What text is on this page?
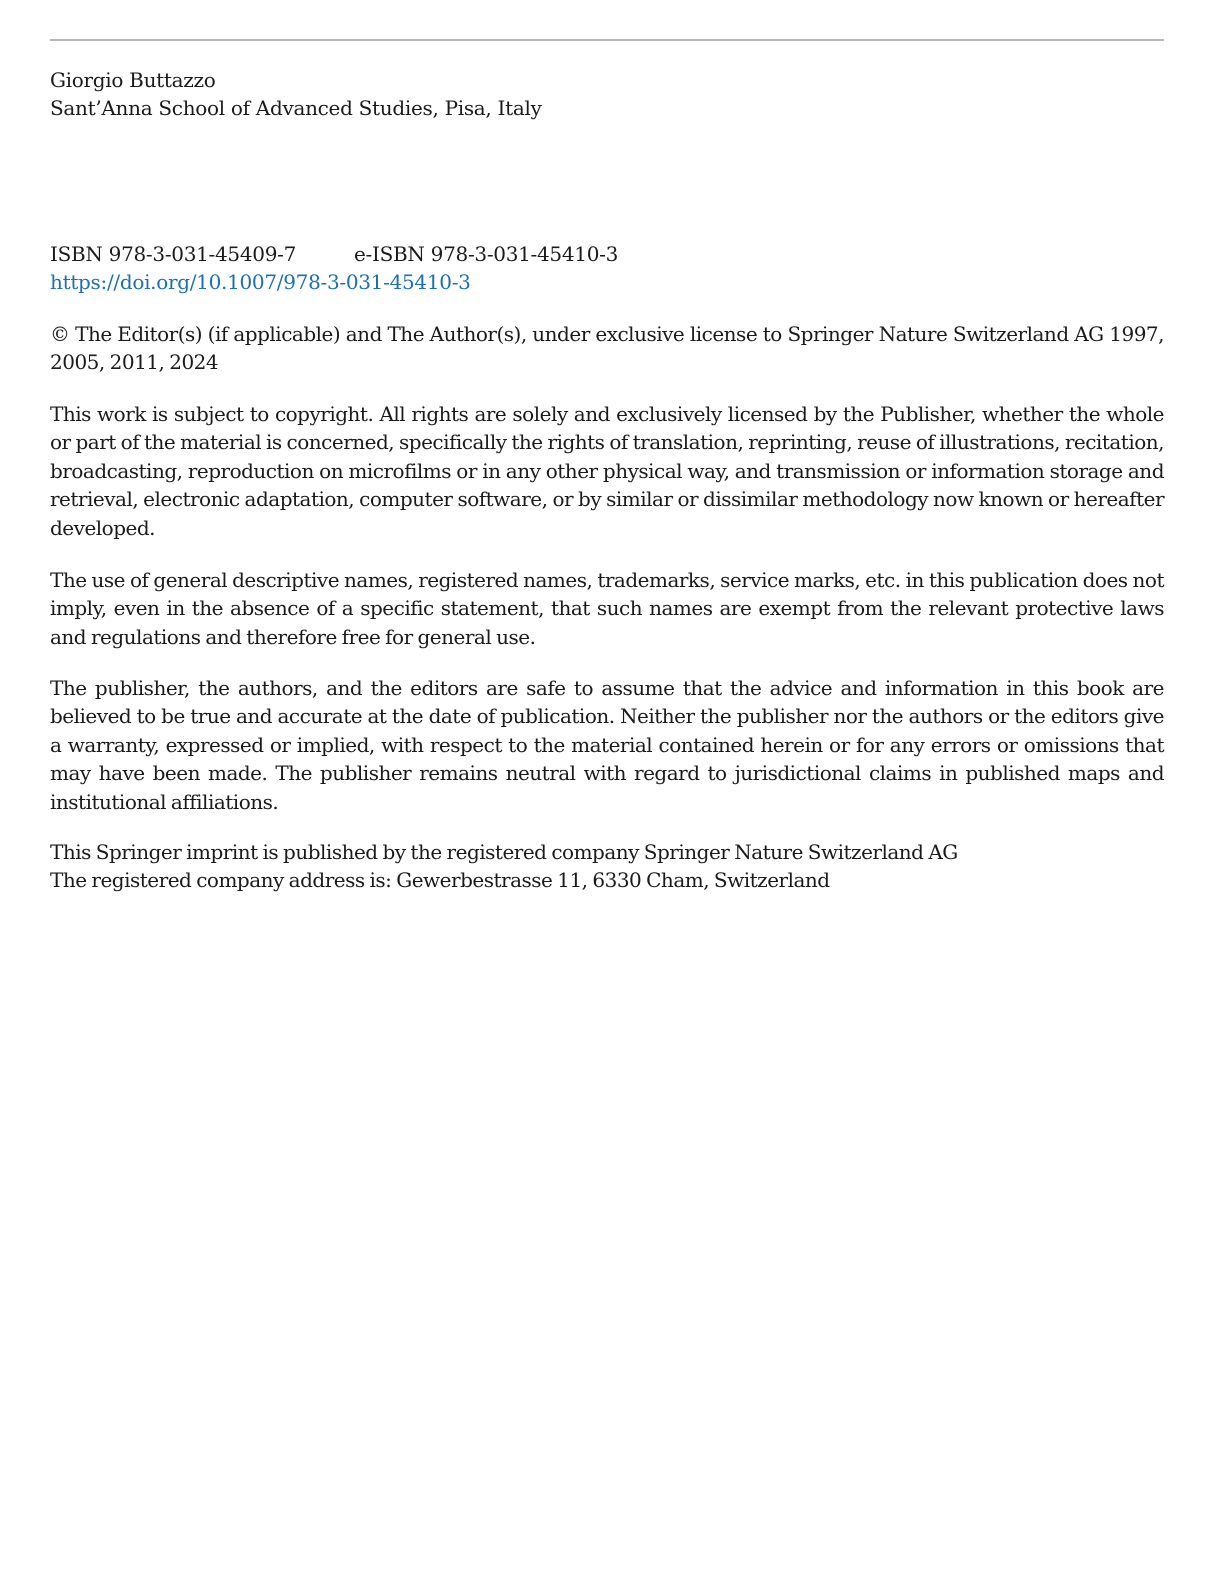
Giorgio Buttazzo
Sant’Anna School of Advanced Studies, Pisa, Italy
ISBN 978-3-031-45409-7	e-ISBN 978-3-031-45410-3
https://doi.org/10.1007/978-3-031-45410-3
© The Editor(s) (if applicable) and The Author(s), under exclusive license to Springer Nature Switzerland AG 1997, 2005, 2011, 2024
This work is subject to copyright. All rights are solely and exclusively licensed by the Publisher, whether the whole or part of the material is concerned, specifically the rights of translation, reprinting, reuse of illustrations, recitation, broadcasting, reproduction on microfilms or in any other physical way, and transmission or information storage and retrieval, electronic adaptation, computer software, or by similar or dissimilar methodology now known or hereafter developed.
The use of general descriptive names, registered names, trademarks, service marks, etc. in this publication does not imply, even in the absence of a specific statement, that such names are exempt from the relevant protective laws and regulations and therefore free for general use.
The publisher, the authors, and the editors are safe to assume that the advice and information in this book are believed to be true and accurate at the date of publication. Neither the publisher nor the authors or the editors give a warranty, expressed or implied, with respect to the material contained herein or for any errors or omissions that may have been made. The publisher remains neutral with regard to jurisdictional claims in published maps and institutional affiliations.
This Springer imprint is published by the registered company Springer Nature Switzerland AG
The registered company address is: Gewerbestrasse 11, 6330 Cham, Switzerland
